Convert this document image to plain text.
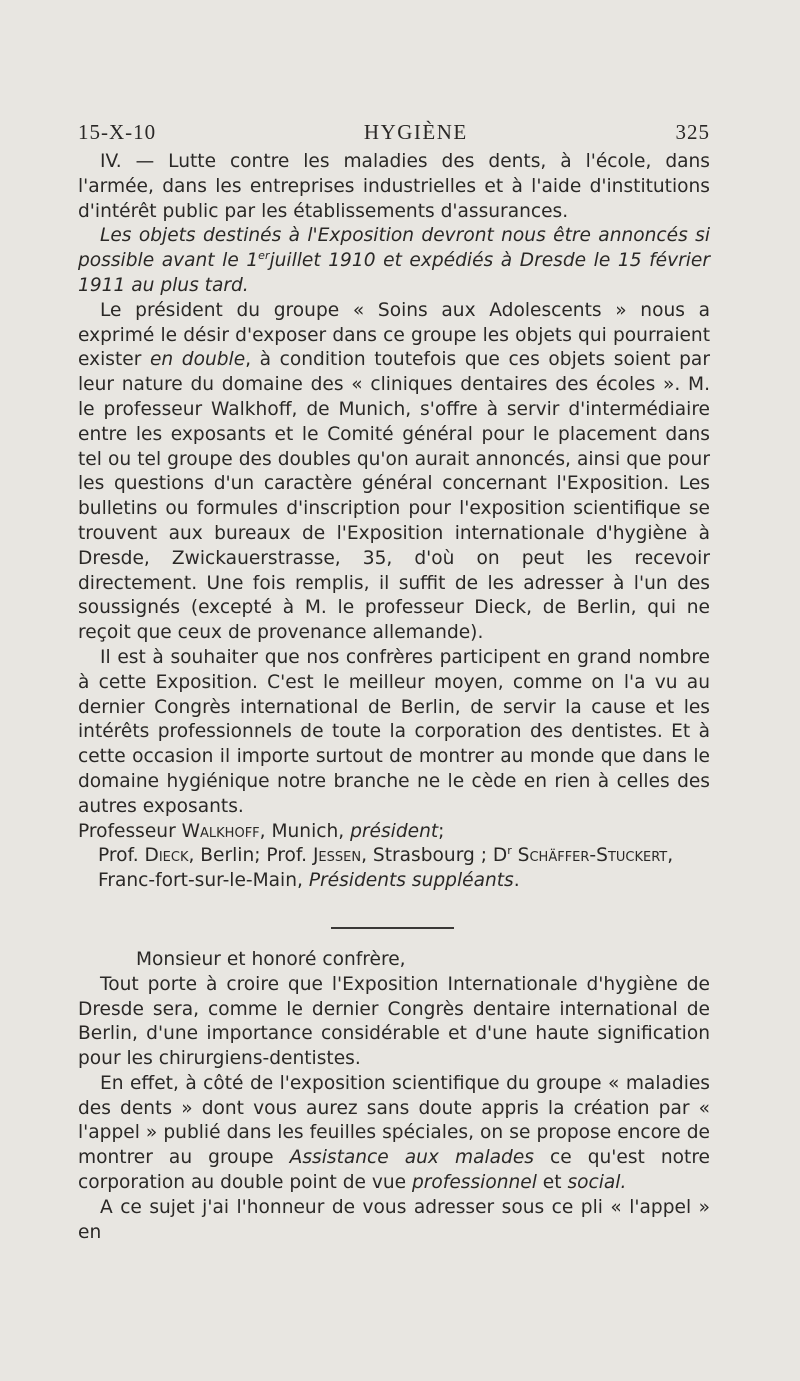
15-X-10	HYGIÈNE	325

IV. — Lutte contre les maladies des dents, à l'école, dans l'armée, dans les entreprises industrielles et à l'aide d'institutions d'intérêt public par les établissements d'assurances.

Les objets destinés à l'Exposition devront nous être annoncés si possible avant le 1erjuillet 1910 et expédiés à Dresde le 15 février 1911 au plus tard.

Le président du groupe « Soins aux Adolescents » nous a exprimé le désir d'exposer dans ce groupe les objets qui pourraient exister en double, à condition toutefois que ces objets soient par leur nature du domaine des « cliniques dentaires des écoles ». M. le professeur Walkhoff, de Munich, s'offre à servir d'intermédiaire entre les exposants et le Comité général pour le placement dans tel ou tel groupe des doubles qu'on aurait annoncés, ainsi que pour les questions d'un caractère général concernant l'Exposition. Les bulletins ou formules d'inscription pour l'exposition scientifique se trouvent aux bureaux de l'Exposition internationale d'hygiène à Dresde, Zwickauerstrasse, 35, d'où on peut les recevoir directement. Une fois remplis, il suffit de les adresser à l'un des soussignés (excepté à M. le professeur Dieck, de Berlin, qui ne reçoit que ceux de provenance allemande).

Il est à souhaiter que nos confrères participent en grand nombre à cette Exposition. C'est le meilleur moyen, comme on l'a vu au dernier Congrès international de Berlin, de servir la cause et les intérêts professionnels de toute la corporation des dentistes. Et à cette occasion il importe surtout de montrer au monde que dans le domaine hygiénique notre branche ne le cède en rien à celles des autres exposants.

Professeur Walkhoff, Munich, président;
Prof. Dieck, Berlin; Prof. Jessen, Strasbourg ; $D^r$ Schäffer-Stuckert, Franc-fort-sur-le-Main, Présidents suppléants.

Monsieur et honoré confrère,

Tout porte à croire que l'Exposition Internationale d'hygiène de Dresde sera, comme le dernier Congrès dentaire international de Berlin, d'une importance considérable et d'une haute signification pour les chirurgiens-dentistes.

En effet, à côté de l'exposition scientifique du groupe « maladies des dents » dont vous aurez sans doute appris la création par « l'appel » publié dans les feuilles spéciales, on se propose encore de montrer au groupe Assistance aux malades ce qu'est notre corporation au double point de vue professionnel et social.

A ce sujet j'ai l'honneur de vous adresser sous ce pli « l'appel » en
